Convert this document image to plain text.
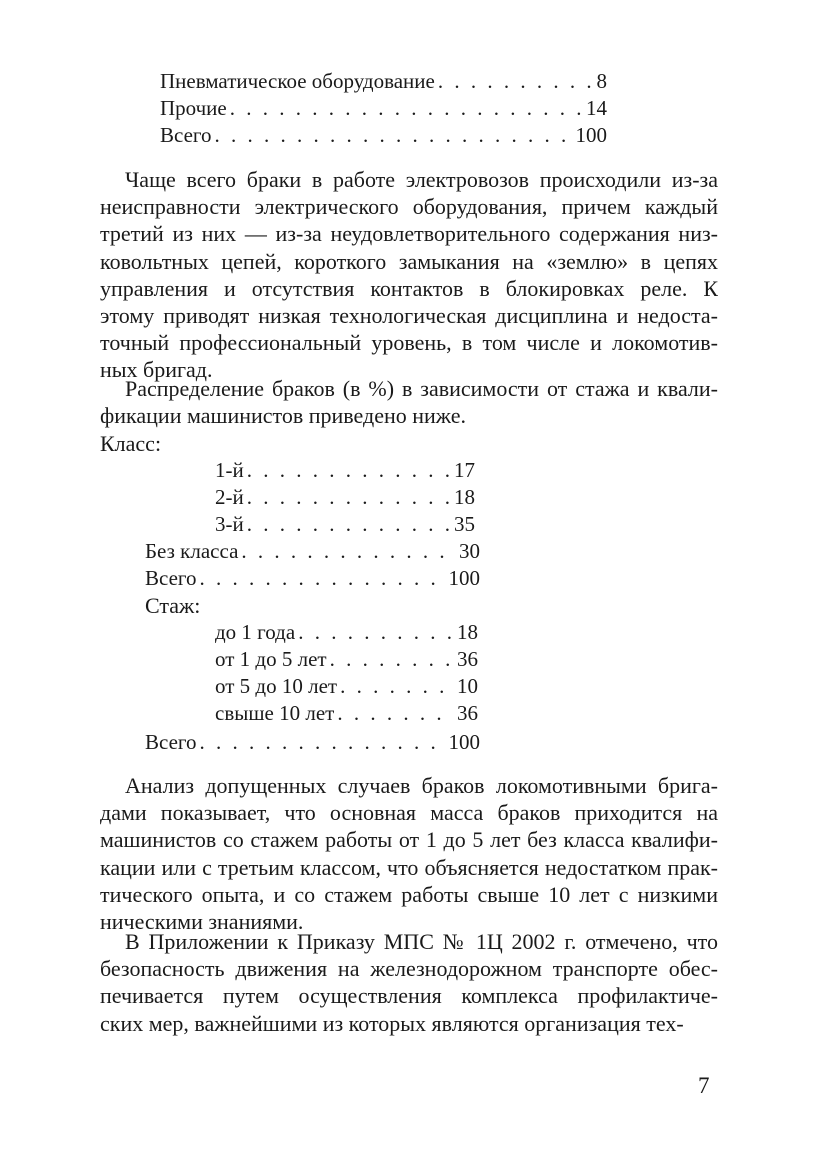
Пневматическое оборудование . . .	8
Прочие . . .	14
Всего . . .	100
Чаще всего браки в работе электровозов происходили из-за
неисправности электрического оборудования, причем каждый
третий из них — из-за неудовлетворительного содержания низ-
ковольтных цепей, короткого замыкания на «землю» в цепях
управления и отсутствия контактов в блокировках реле. К
этому приводят низкая технологическая дисциплина и недоста-
точный профессиональный уровень, в том числе и локомотив-
ных бригад.
Распределение браков (в %) в зависимости от стажа и квали-
фикации машинистов приведено ниже.
Класс:
1-й . . .	17
2-й . . .	18
3-й . . .	35
Без класса . . .	30
Всего . . .	100
Стаж:
до 1 года . . .	18
от 1 до 5 лет . . .	36
от 5 до 10 лет . . .	10
свыше 10 лет . . .	36
Всего . . .	100
Анализ допущенных случаев браков локомотивными брига-
дами показывает, что основная масса браков приходится на
машинистов со стажем работы от 1 до 5 лет без класса квалифи-
кации или с третьим классом, что объясняется недостатком прак-
тического опыта, и со стажем работы свыше 10 лет с низкими
ническими знаниями.
В Приложении к Приказу МПС № 1Ц 2002 г. отмечено, что
безопасность движения на железнодорожном транспорте обес-
печивается путем осуществления комплекса профилактиче-
ских мер, важнейшими из которых являются организация тех-
7
